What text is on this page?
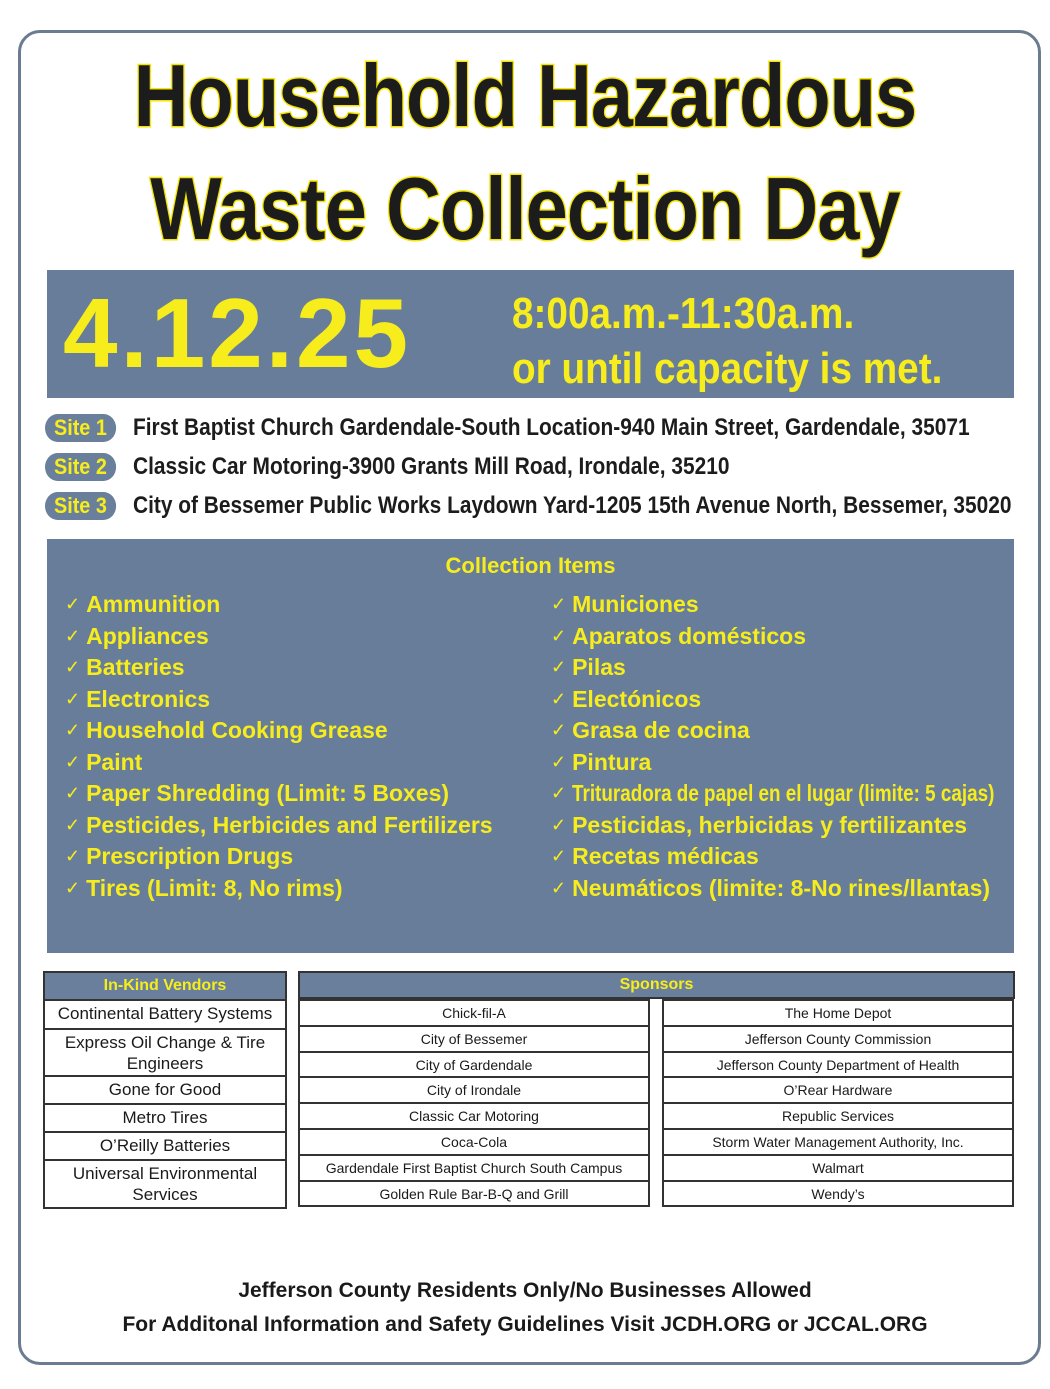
Household Hazardous
Waste Collection Day
4.12.25 8:00a.m.-11:30a.m.
or until capacity is met.
Site 1	First Baptist Church Gardendale-South Location-940 Main Street, Gardendale, 35071
Site 2	Classic Car Motoring-3900 Grants Mill Road, Irondale, 35210
Site 3	City of Bessemer Public Works Laydown Yard-1205 15th Avenue North, Bessemer, 35020
Collection Items
✓ Ammunition
✓ Appliances
✓ Batteries
✓ Electronics
✓ Household Cooking Grease
✓ Paint
✓ Paper Shredding (Limit: 5 Boxes)
✓ Pesticides, Herbicides and Fertilizers
✓ Prescription Drugs
✓ Tires (Limit: 8, No rims)
✓ Municiones
✓ Aparatos domésticos
✓ Pilas
✓ Electónicos
✓ Grasa de cocina
✓ Pintura
✓ Trituradora de papel en el lugar (limite: 5 cajas)
✓ Pesticidas, herbicidas y fertilizantes
✓ Recetas médicas
✓ Neumáticos (limite: 8-No rines/llantas)
In-Kind Vendors
Continental Battery Systems
Express Oil Change & Tire Engineers
Gone for Good
Metro Tires
O’Reilly Batteries
Universal Environmental Services
Sponsors
Chick-fil-A
City of Bessemer
City of Gardendale
City of Irondale
Classic Car Motoring
Coca-Cola
Gardendale First Baptist Church South Campus
Golden Rule Bar-B-Q and Grill
The Home Depot
Jefferson County Commission
Jefferson County Department of Health
O’Rear Hardware
Republic Services
Storm Water Management Authority, Inc.
Walmart
Wendy’s
Jefferson County Residents Only/No Businesses Allowed
For Additonal Information and Safety Guidelines Visit JCDH.ORG or JCCAL.ORG
